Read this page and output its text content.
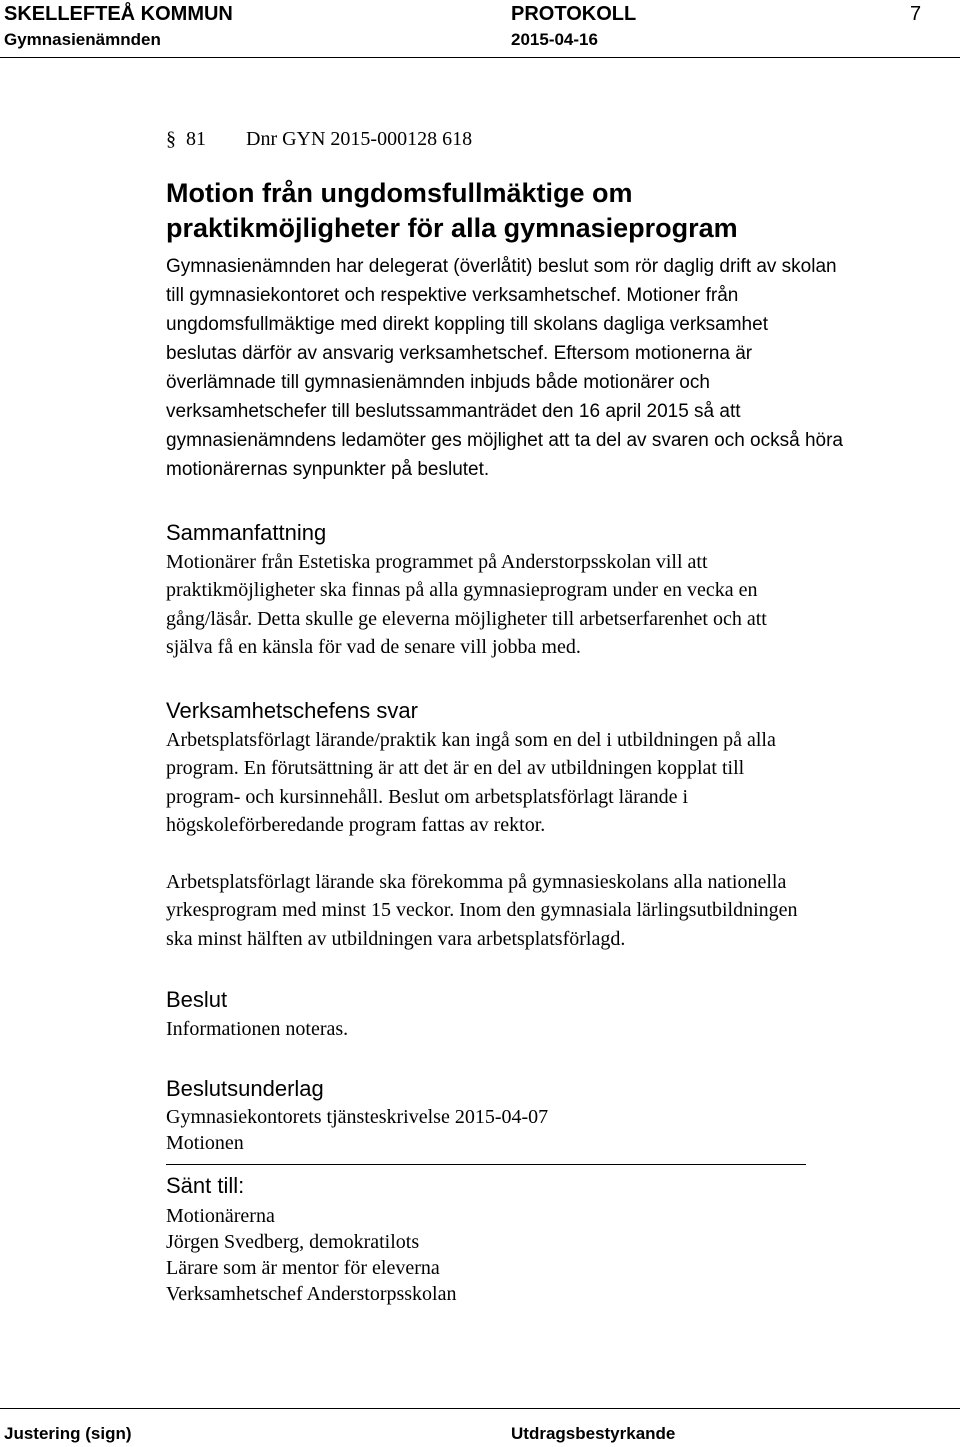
SKELLEFTEÅ KOMMUN	PROTOKOLL	7
Gymnasienämnden	2015-04-16
§ 81 Dnr GYN 2015-000128 618
Motion från ungdomsfullmäktige om
praktikmöjligheter för alla gymnasieprogram
Gymnasienämnden har delegerat (överlåtit) beslut som rör daglig drift av skolan
till gymnasiekontoret och respektive verksamhetschef. Motioner från
ungdomsfullmäktige med direkt koppling till skolans dagliga verksamhet
beslutas därför av ansvarig verksamhetschef. Eftersom motionerna är
överlämnade till gymnasienämnden inbjuds både motionärer och
verksamhetschefer till beslutssammanträdet den 16 april 2015 så att
gymnasienämndens ledamöter ges möjlighet att ta del av svaren och också höra
motionärernas synpunkter på beslutet.
Sammanfattning
Motionärer från Estetiska programmet på Anderstorpsskolan vill att
praktikmöjligheter ska finnas på alla gymnasieprogram under en vecka en
gång/läsår. Detta skulle ge eleverna möjligheter till arbetserfarenhet och att
själva få en känsla för vad de senare vill jobba med.
Verksamhetschefens svar
Arbetsplatsförlagt lärande/praktik kan ingå som en del i utbildningen på alla
program. En förutsättning är att det är en del av utbildningen kopplat till
program- och kursinnehåll. Beslut om arbetsplatsförlagt lärande i
högskoleförberedande program fattas av rektor.
Arbetsplatsförlagt lärande ska förekomma på gymnasieskolans alla nationella
yrkesprogram med minst 15 veckor. Inom den gymnasiala lärlingsutbildningen
ska minst hälften av utbildningen vara arbetsplatsförlagd.
Beslut
Informationen noteras.
Beslutsunderlag
Gymnasiekontorets tjänsteskrivelse 2015-04-07
Motionen
Sänt till:
Motionärerna
Jörgen Svedberg, demokratilots
Lärare som är mentor för eleverna
Verksamhetschef Anderstorpsskolan
Justering (sign)	Utdragsbestyrkande
